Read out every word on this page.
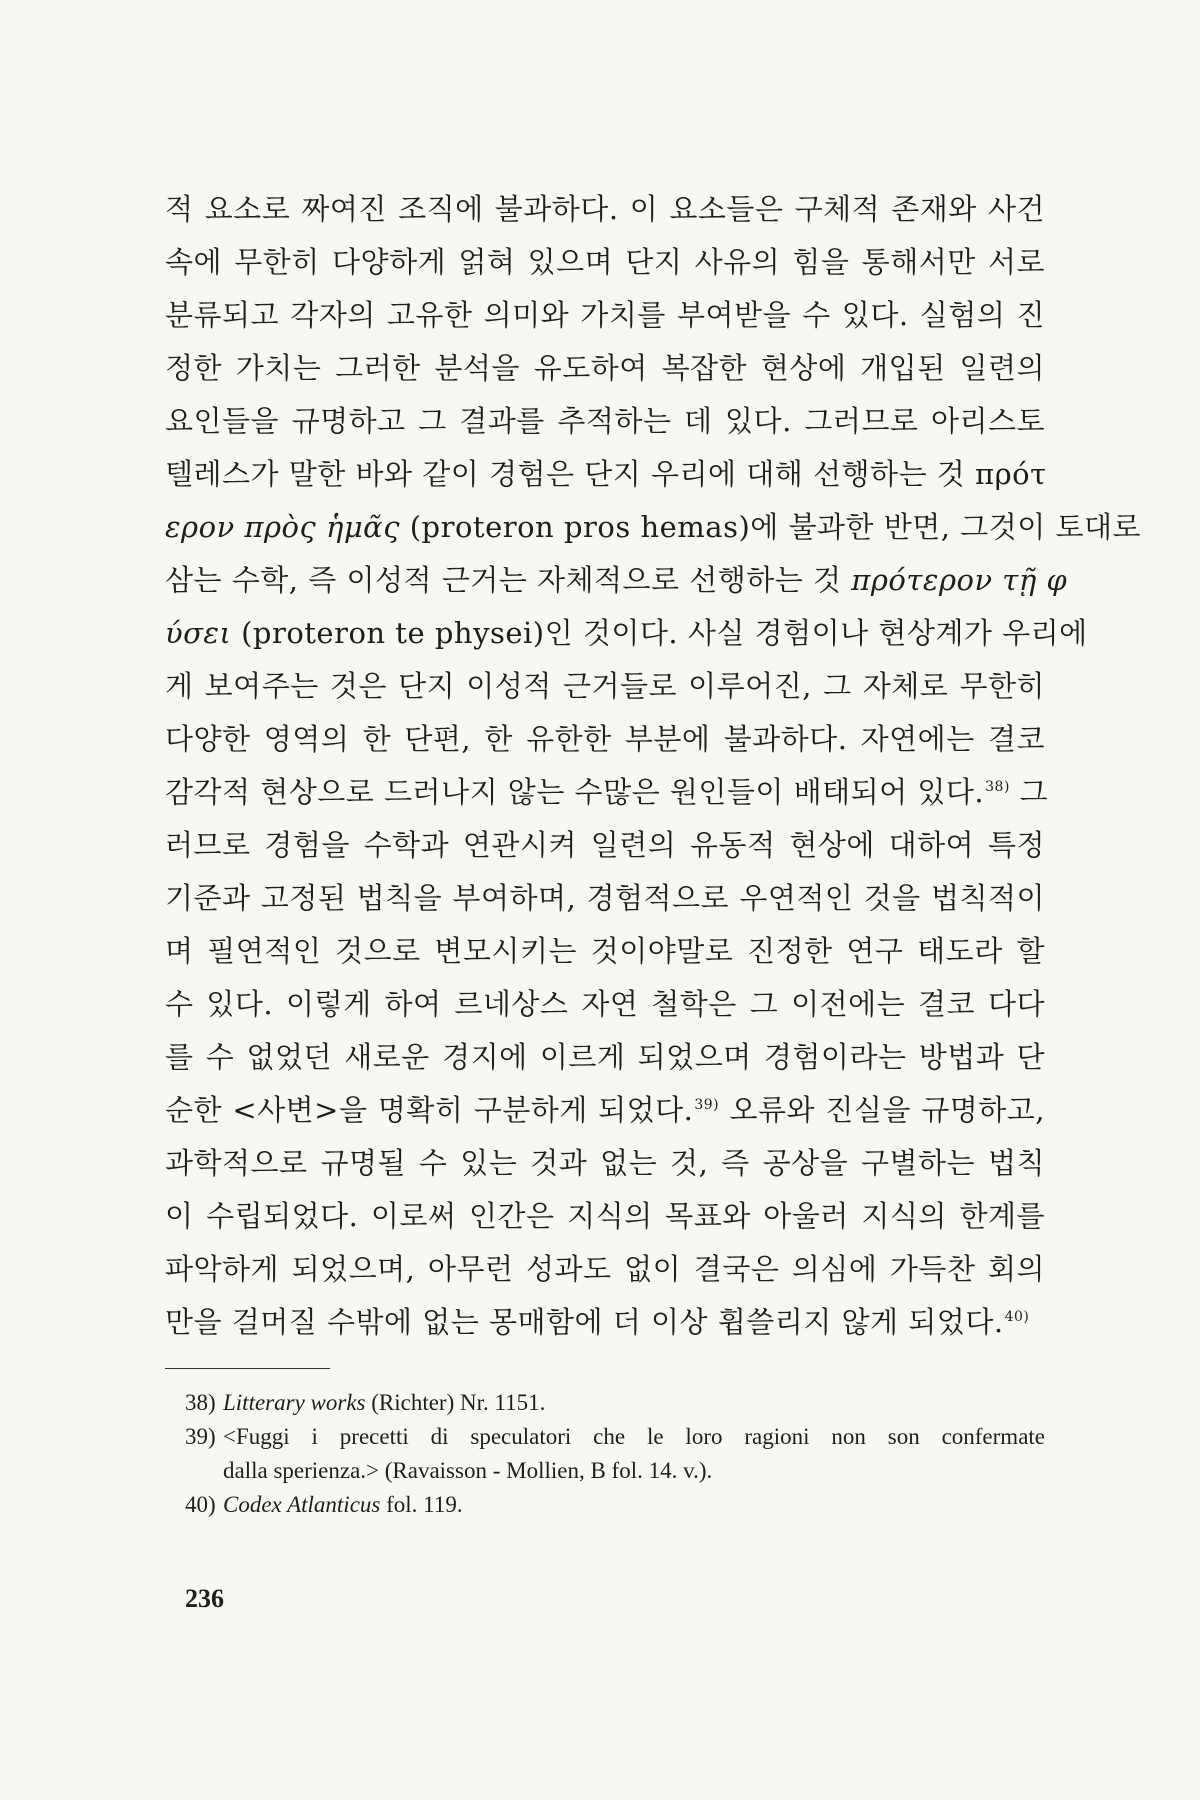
적 요소로 짜여진 조직에 불과하다. 이 요소들은 구체적 존재와 사건
속에 무한히 다양하게 얽혀 있으며 단지 사유의 힘을 통해서만 서로
분류되고 각자의 고유한 의미와 가치를 부여받을 수 있다. 실험의 진
정한 가치는 그러한 분석을 유도하여 복잡한 현상에 개입된 일련의
요인들을 규명하고 그 결과를 추적하는 데 있다. 그러므로 아리스토
텔레스가 말한 바와 같이 경험은 단지 우리에 대해 선행하는 것 πρότ
ερον πρὸς ἡμᾶς (proteron pros hemas)에 불과한 반면, 그것이 토대로
삼는 수학, 즉 이성적 근거는 자체적으로 선행하는 것 πρότερον τῇ φ
ύσει (proteron te physei)인 것이다. 사실 경험이나 현상계가 우리에
게 보여주는 것은 단지 이성적 근거들로 이루어진, 그 자체로 무한히
다양한 영역의 한 단편, 한 유한한 부분에 불과하다. 자연에는 결코
감각적 현상으로 드러나지 않는 수많은 원인들이 배태되어 있다.$^{38)}$ 그
러므로 경험을 수학과 연관시켜 일련의 유동적 현상에 대하여 특정
기준과 고정된 법칙을 부여하며, 경험적으로 우연적인 것을 법칙적이
며 필연적인 것으로 변모시키는 것이야말로 진정한 연구 태도라 할
수 있다. 이렇게 하여 르네상스 자연 철학은 그 이전에는 결코 다다
를 수 없었던 새로운 경지에 이르게 되었으며 경험이라는 방법과 단
순한 <사변>을 명확히 구분하게 되었다.$^{39)}$ 오류와 진실을 규명하고,
과학적으로 규명될 수 있는 것과 없는 것, 즉 공상을 구별하는 법칙
이 수립되었다. 이로써 인간은 지식의 목표와 아울러 지식의 한계를
파악하게 되었으며, 아무런 성과도 없이 결국은 의심에 가득찬 회의
만을 걸머질 수밖에 없는 몽매함에 더 이상 휩쓸리지 않게 되었다.$^{40)}$
38) Litterary works (Richter) Nr. 1151.
39) <Fuggi i precetti di speculatori che le loro ragioni non son confermate
dalla sperienza.> (Ravaisson - Mollien, B fol. 14. v.).
40) Codex Atlanticus fol. 119.
236
